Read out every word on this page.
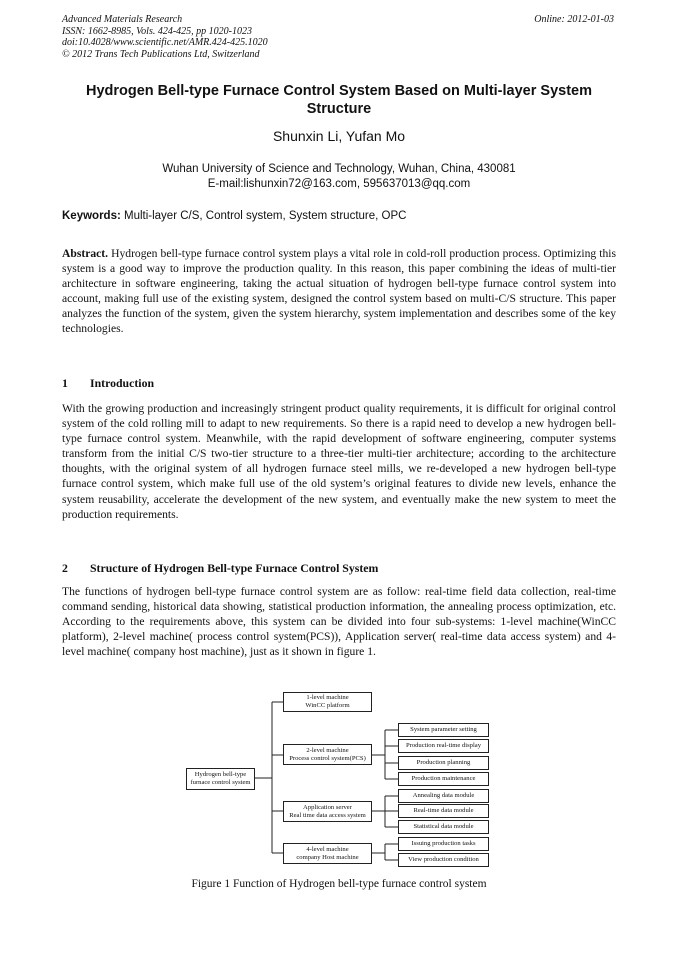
Advanced Materials Research
ISSN: 1662-8985, Vols. 424-425, pp 1020-1023
doi:10.4028/www.scientific.net/AMR.424-425.1020
© 2012 Trans Tech Publications Ltd, Switzerland
Online: 2012-01-03
Hydrogen Bell-type Furnace Control System Based on Multi-layer System Structure
Shunxin Li, Yufan Mo
Wuhan University of Science and Technology, Wuhan, China, 430081
E-mail:lishunxin72@163.com, 595637013@qq.com
Keywords: Multi-layer C/S, Control system, System structure, OPC
Abstract. Hydrogen bell-type furnace control system plays a vital role in cold-roll production process. Optimizing this system is a good way to improve the production quality. In this reason, this paper combining the ideas of multi-tier architecture in software engineering, taking the actual situation of hydrogen bell-type furnace control system into account, making full use of the existing system, designed the control system based on multi-C/S structure. This paper analyzes the function of the system, given the system hierarchy, system implementation and describes some of the key technologies.
1 Introduction
With the growing production and increasingly stringent product quality requirements, it is difficult for original control system of the cold rolling mill to adapt to new requirements. So there is a rapid need to develop a new hydrogen bell-type furnace control system. Meanwhile, with the rapid development of software engineering, computer systems transform from the initial C/S two-tier structure to a three-tier multi-tier architecture; according to the architecture thoughts, with the original system of all hydrogen furnace steel mills, we re-developed a new hydrogen bell-type furnace control system, which make full use of the old system’s original features to divide new levels, enhance the system reusability, accelerate the development of the new system, and eventually make the new system to meet the production requirements.
2 Structure of Hydrogen Bell-type Furnace Control System
The functions of hydrogen bell-type furnace control system are as follow: real-time field data collection, real-time command sending, historical data showing, statistical production information, the annealing process optimization, etc. According to the requirements above, this system can be divided into four sub-systems: 1-level machine(WinCC platform), 2-level machine( process control system(PCS)), Application server( real-time data access system) and 4-level machine( company host machine), just as it shown in figure 1.
Hydrogen bell-type
furnace control system
1-level machine
WinCC platform
2-level machine
Process control system(PCS)
Application server
Real time data access system
4-level machine
company Host machine
System parameter setting
Production real-time display
Production planning
Production maintenance
Annealing data module
Real-time data module
Statistical data module
Issuing production tasks
View production condition
Figure 1 Function of Hydrogen bell-type furnace control system
